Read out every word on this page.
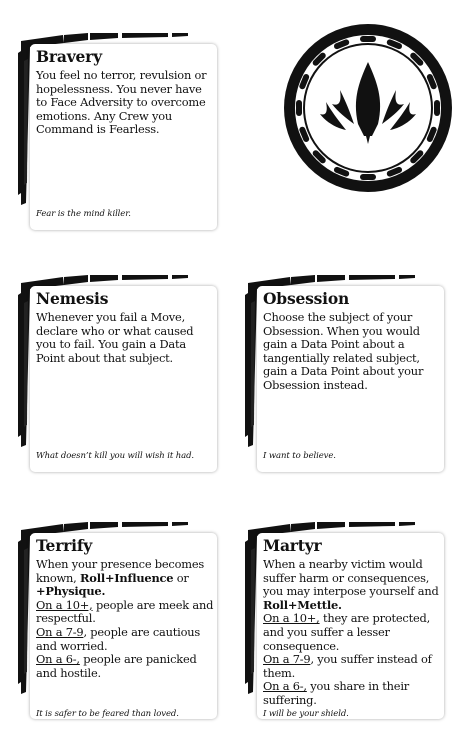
Bravery
You feel no terror, revulsion or hopelessness. You never have to Face Adversity to overcome emotions. Any Crew you Command is Fearless.
Fear is the mind killer.
Nemesis
Whenever you fail a Move, declare who or what caused you to fail. You gain a Data Point about that subject.
What doesn’t kill you will wish it had.
Obsession
Choose the subject of your Obsession. When you would gain a Data Point about a tangentially related subject, gain a Data Point about your Obsession instead.
I want to believe.
Terrify
When your presence becomes known, Roll+Influence or +Physique.
On a 10+, people are meek and respectful.
On a 7-9, people are cautious and worried.
On a 6-, people are panicked and hostile.
It is safer to be feared than loved.
Martyr
When a nearby victim would suffer harm or consequences, you may interpose yourself and Roll+Mettle.
On a 10+, they are protected, and you suffer a lesser consequence.
On a 7-9, you suffer instead of them.
On a 6-, you share in their suffering.
I will be your shield.
